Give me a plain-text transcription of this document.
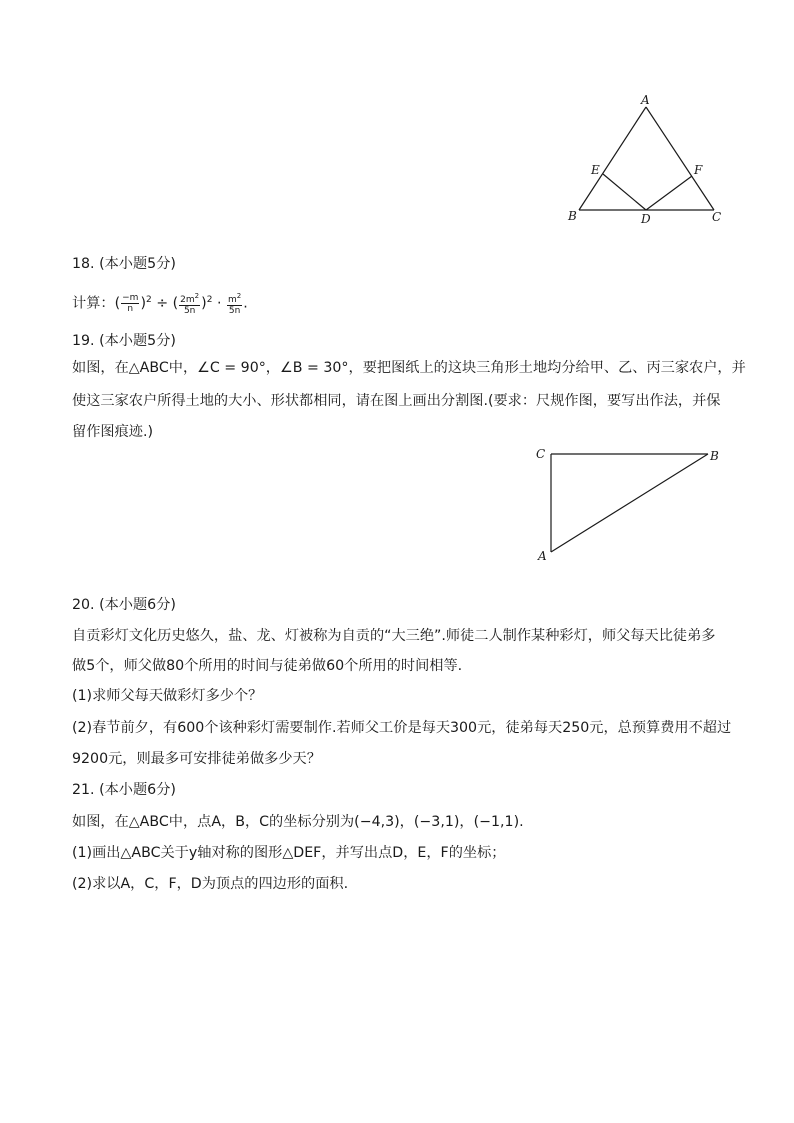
A
E	F
B	D	C
18. (本小题5分)
计算：( $\frac{-m}{n} )^2$ ÷ ( $\frac{2m^2}{5n} )^2 \cdot \frac{m^2}{5n}$ .
19. (本小题5分)
如图，在△ABC中，∠C = 90°，∠B = 30°，要把图纸上的这块三角形土地均分给甲、乙、丙三家农户，并
使这三家农户所得土地的大小、形状都相同，请在图上画出分割图.(要求：尺规作图，要写出作法，并保
留作图痕迹.)
C	B
A
20. (本小题6分)
自贡彩灯文化历史悠久，盐、龙、灯被称为自贡的“大三绝”.师徒二人制作某种彩灯，师父每天比徒弟多
做5个，师父做80个所用的时间与徒弟做60个所用的时间相等.
(1)求师父每天做彩灯多少个？
(2)春节前夕，有600个该种彩灯需要制作.若师父工价是每天300元，徒弟每天250元，总预算费用不超过
9200元，则最多可安排徒弟做多少天？
21. (本小题6分)
如图，在△ABC中，点A，B，C的坐标分别为(−4,3)，(−3,1)，(−1,1).
(1)画出△ABC关于y轴对称的图形△DEF，并写出点D，E，F的坐标；
(2)求以A，C，F，D为顶点的四边形的面积.
